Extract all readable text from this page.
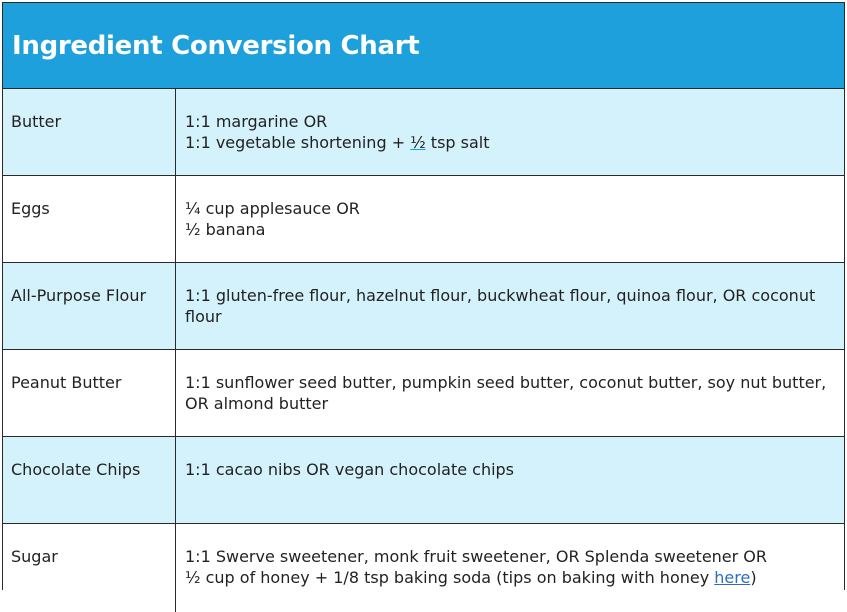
Ingredient Conversion Chart
Butter	1:1 margarine OR
1:1 vegetable shortening + ½ tsp salt
Eggs	¼ cup applesauce OR
½ banana
All-Purpose Flour	1:1 gluten-free flour, hazelnut flour, buckwheat flour, quinoa flour, OR coconut flour
Peanut Butter	1:1 sunflower seed butter, pumpkin seed butter, coconut butter, soy nut butter, OR almond butter
Chocolate Chips	1:1 cacao nibs OR vegan chocolate chips
Sugar	1:1 Swerve sweetener, monk fruit sweetener, OR Splenda sweetener OR
½ cup of honey + 1/8 tsp baking soda (tips on baking with honey here)
